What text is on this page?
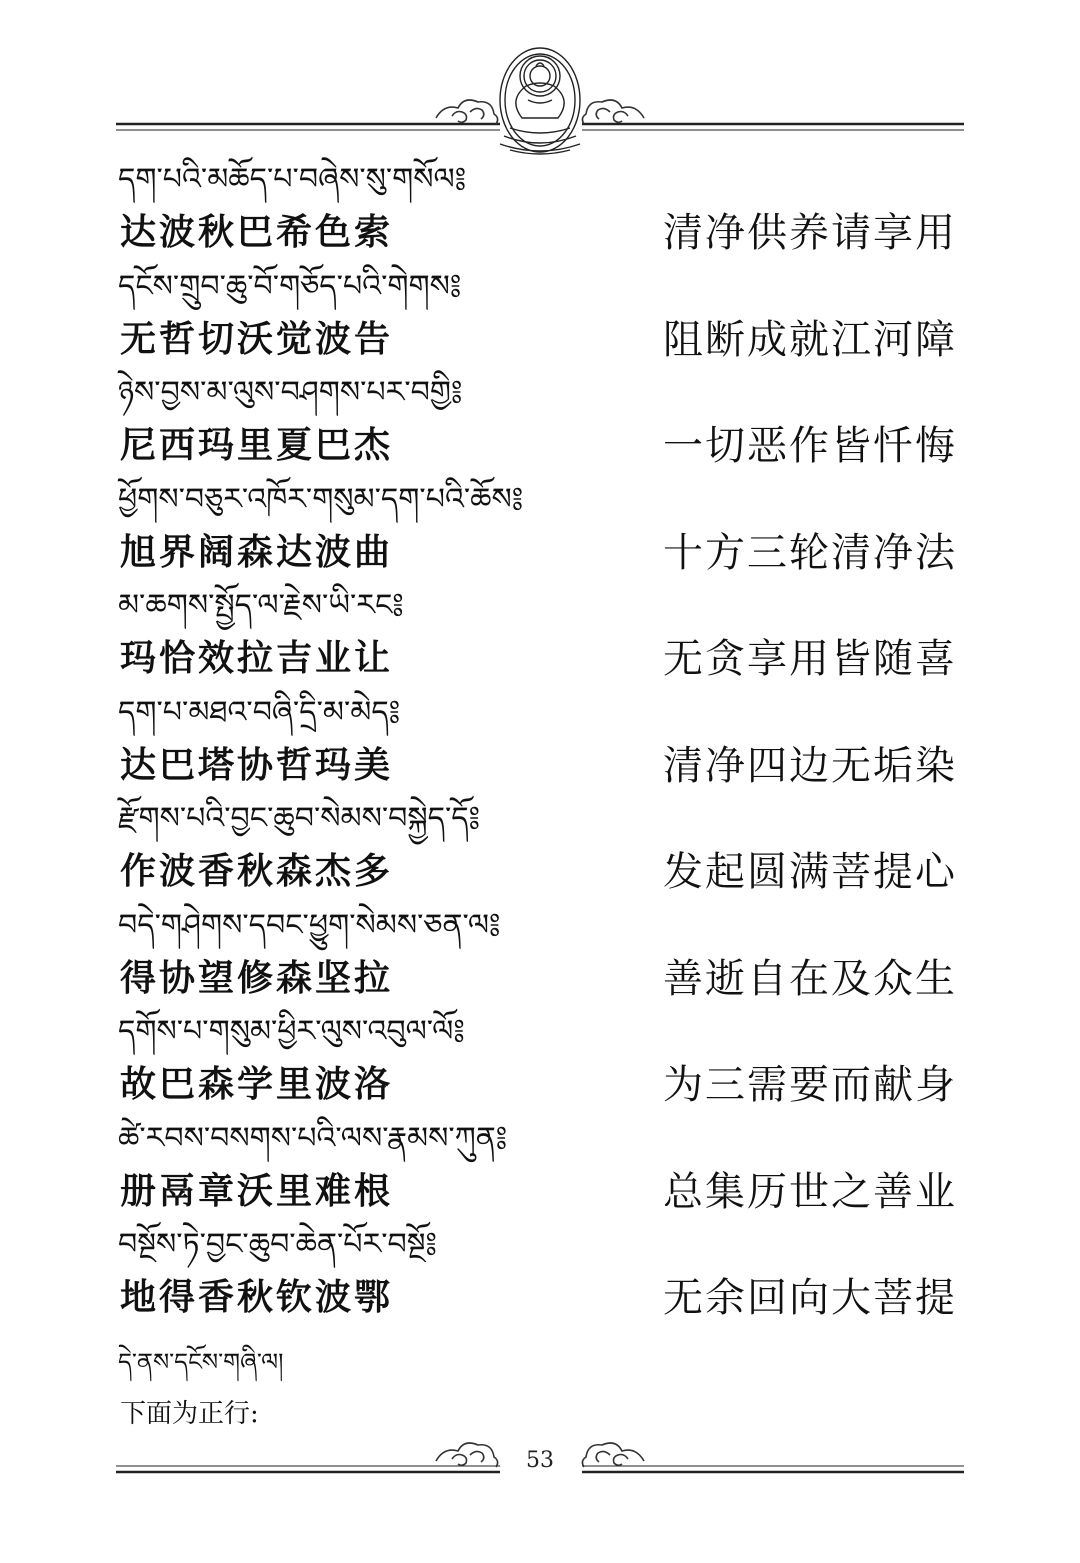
དག་པའི་མཆོད་པ་བཞེས་སུ་གསོལ༔
达波秋巴希色索	清净供养请享用
དངོས་གྲུབ་ཆུ་བོ་གཅོད་པའི་གེགས༔
无哲切沃觉波告	阻断成就江河障
ཉེས་བྱས་མ་ལུས་བཤགས་པར་བགྱི༔
尼西玛里夏巴杰	一切恶作皆忏悔
ཕྱོགས་བཅུར་འཁོར་གསུམ་དག་པའི་ཆོས༔
旭界阔森达波曲	十方三轮清净法
མ་ཆགས་སྤྱོད་ལ་རྗེས་ཡི་རང༔
玛恰效拉吉业让	无贪享用皆随喜
དག་པ་མཐའ་བཞི་དྲི་མ་མེད༔
达巴塔协哲玛美	清净四边无垢染
རྫོགས་པའི་བྱང་ཆུབ་སེམས་བསྐྱེད་དོ༔
作波香秋森杰多	发起圆满菩提心
བདེ་གཤེགས་དབང་ཕྱུག་སེམས་ཅན་ལ༔
得协望修森坚拉	善逝自在及众生
དགོས་པ་གསུམ་ཕྱིར་ལུས་འབུལ་ལོ༔
故巴森学里波洛	为三需要而献身
ཚེ་རབས་བསགས་པའི་ལས་རྣམས་ཀུན༔
册鬲章沃里难根	总集历世之善业
བསྔོས་ཏེ་བྱང་ཆུབ་ཆེན་པོར་བསྔོ༔
地得香秋钦波鄂	无余回向大菩提
དེ་ནས་དངོས་གཞི་ལ།
下面为正行:
53
